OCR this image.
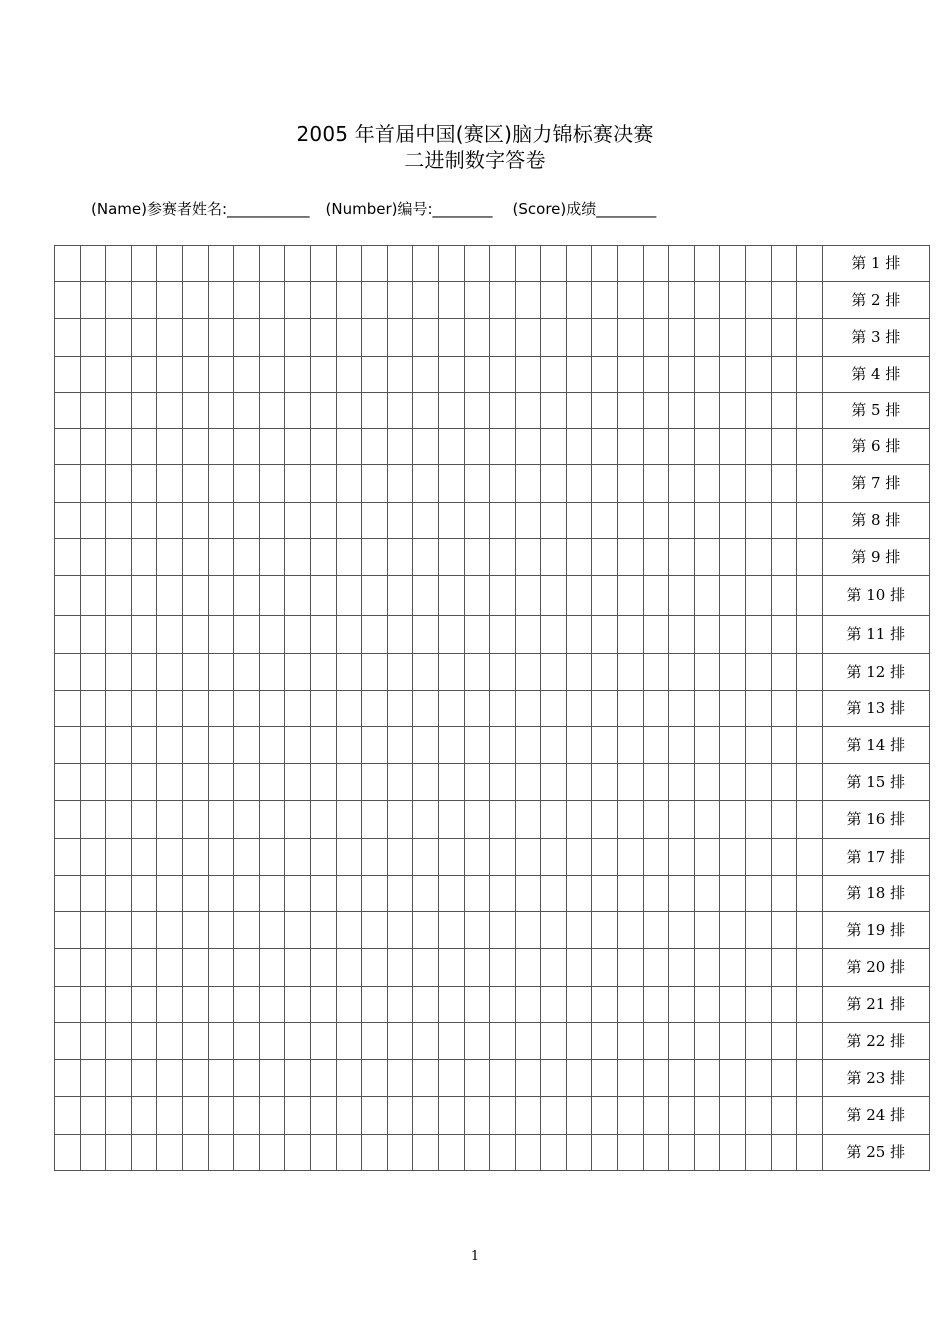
2005 年首届中国(赛区)脑力锦标赛决赛
二进制数字答卷
(Name)参赛者姓名:___________ (Number)编号:________ (Score)成绩________
																														第 1 排
																														第 2 排
																														第 3 排
																														第 4 排
																														第 5 排
																														第 6 排
																														第 7 排
																														第 8 排
																														第 9 排
																														第 10 排
																														第 11 排
																														第 12 排
																														第 13 排
																														第 14 排
																														第 15 排
																														第 16 排
																														第 17 排
																														第 18 排
																														第 19 排
																														第 20 排
																														第 21 排
																														第 22 排
																														第 23 排
																														第 24 排
																														第 25 排
1
